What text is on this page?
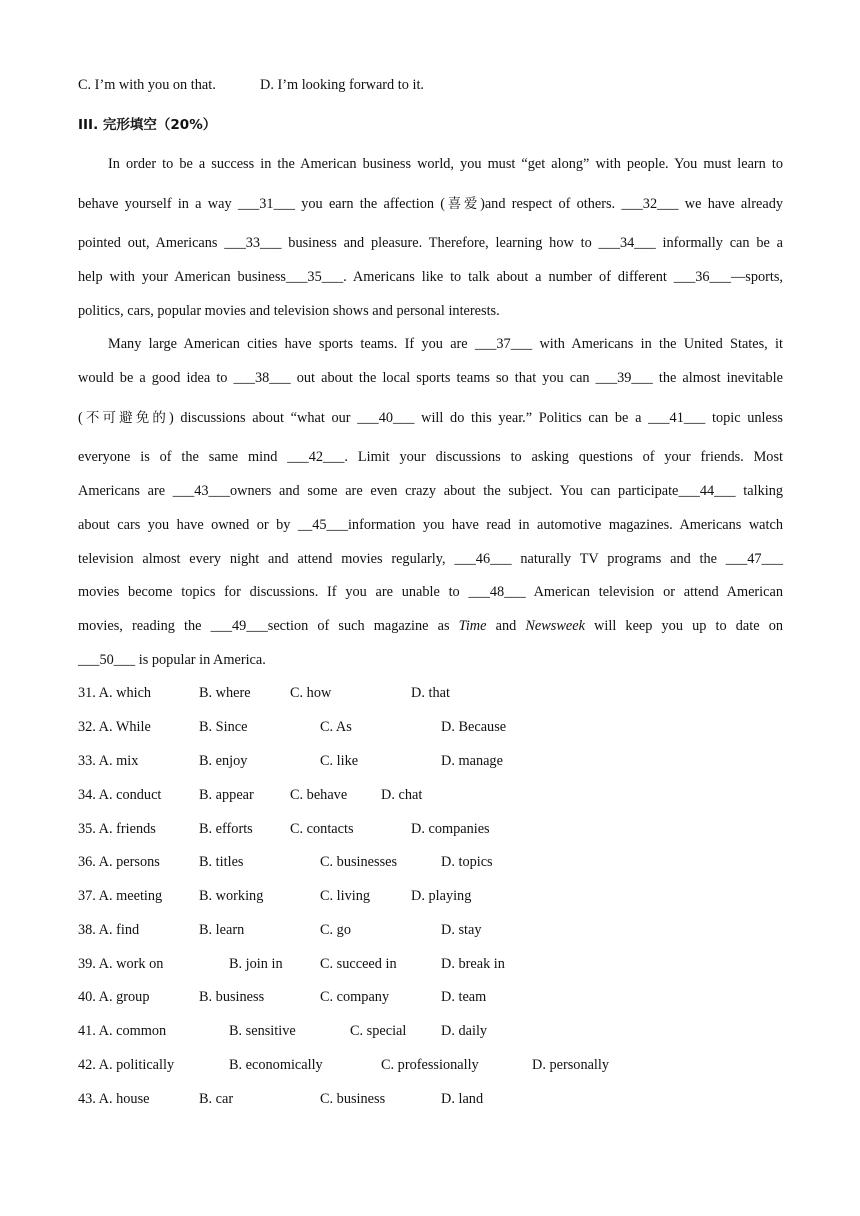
C. I’m with you on that.	D. I’m looking forward to it.
III. 完形填空（20%）
In order to be a success in the American business world, you must “get along” with people. You must learn to
behave yourself in a way ___31___ you earn the affection (喜爱)and respect of others. ___32___ we have already
pointed out, Americans ___33___ business and pleasure. Therefore, learning how to ___34___ informally can be a
help with your American business___35___. Americans like to talk about a number of different ___36___—sports,
politics, cars, popular movies and television shows and personal interests.
Many large American cities have sports teams. If you are ___37___ with Americans in the United States, it
would be a good idea to ___38___ out about the local sports teams so that you can ___39___ the almost inevitable
(不可避免的) discussions about “what our ___40___ will do this year.” Politics can be a ___41___ topic unless
everyone is of the same mind ___42___. Limit your discussions to asking questions of your friends. Most
Americans are ___43___owners and some are even crazy about the subject. You can participate___44___ talking
about cars you have owned or by __45___information you have read in automotive magazines. Americans watch
television almost every night and attend movies regularly, ___46___ naturally TV programs and the ___47___
movies become topics for discussions. If you are unable to ___48___ American television or attend American
movies, reading the ___49___section of such magazine as Time and Newsweek will keep you up to date on
___50___ is popular in America.
31. A. which	B. where	C. how	D. that
32. A. While	B. Since	C. As	D. Because
33. A. mix	B. enjoy	C. like	D. manage
34. A. conduct	B. appear	C. behave D. chat
35. A. friends	B. efforts	C. contacts	D. companies
36. A. persons	B. titles	C. businesses	D. topics
37. A. meeting	B. working	C. living	D. playing
38. A. find	B. learn	C. go	D. stay
39. A. work on	B. join in	C. succeed in	D. break in
40. A. group	B. business	C. company	D. team
41. A. common	B. sensitive	C. special D. daily
42. A. politically	B. economically	C. professionally	D. personally
43. A. house	B. car	C. business	D. land
